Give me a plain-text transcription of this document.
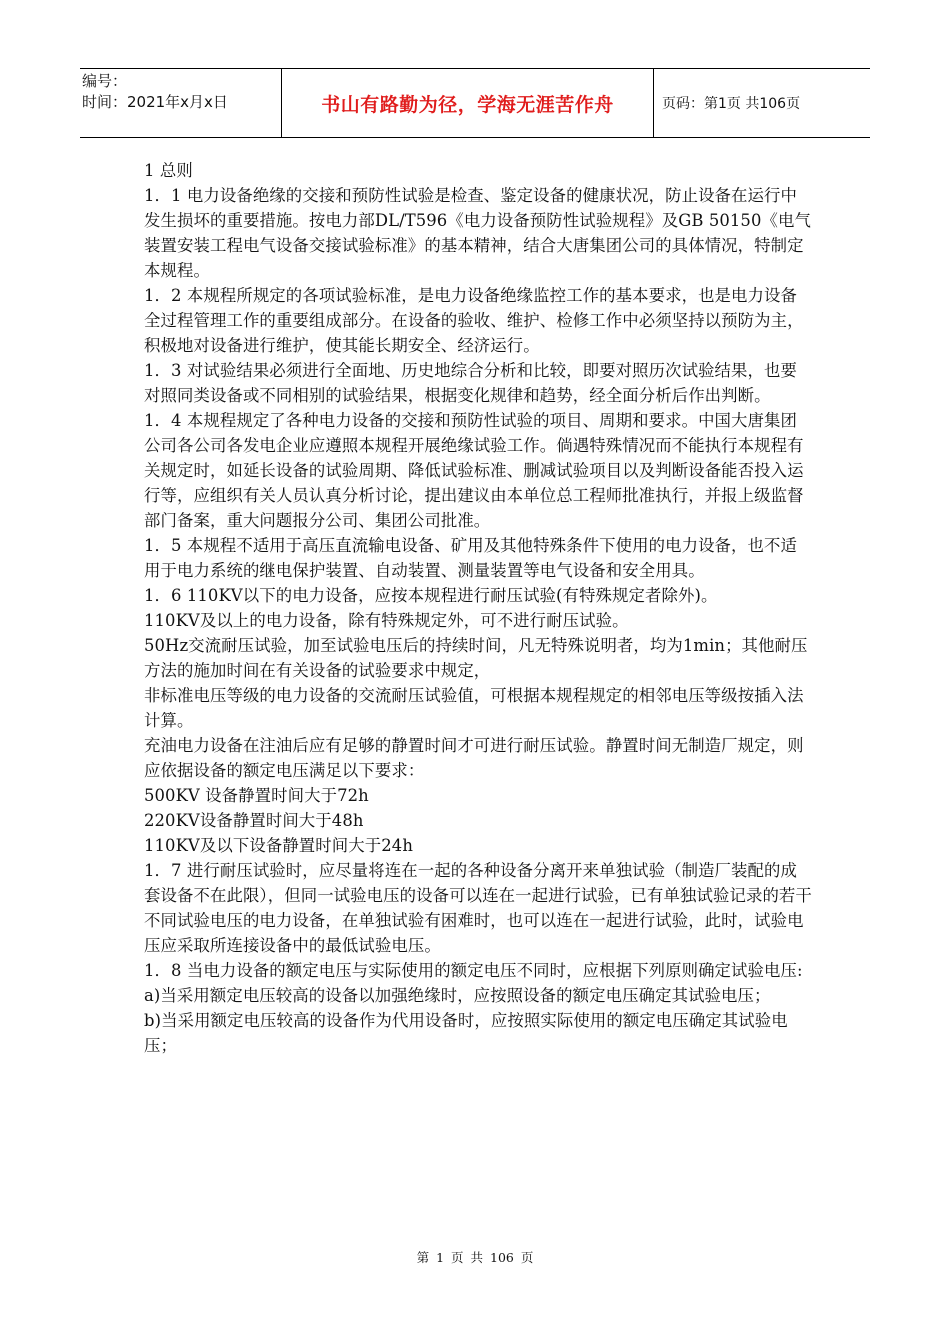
编号：
时间：2021年x月x日	书山有路勤为径，学海无涯苦作舟	页码：第1页 共106页

1 总则

1．1 电力设备绝缘的交接和预防性试验是检查、鉴定设备的健康状况，防止设备在运行中发生损坏的重要措施。按电力部DL/T596《电力设备预防性试验规程》及GB 50150《电气装置安装工程电气设备交接试验标准》的基本精神，结合大唐集团公司的具体情况，特制定本规程。

1．2 本规程所规定的各项试验标准，是电力设备绝缘监控工作的基本要求，也是电力设备全过程管理工作的重要组成部分。在设备的验收、维护、检修工作中必须坚持以预防为主，积极地对设备进行维护，使其能长期安全、经济运行。

1．3 对试验结果必须进行全面地、历史地综合分析和比较，即要对照历次试验结果，也要对照同类设备或不同相别的试验结果，根据变化规律和趋势，经全面分析后作出判断。

1．4 本规程规定了各种电力设备的交接和预防性试验的项目、周期和要求。中国大唐集团公司各公司各发电企业应遵照本规程开展绝缘试验工作。倘遇特殊情况而不能执行本规程有关规定时，如延长设备的试验周期、降低试验标准、删减试验项目以及判断设备能否投入运行等，应组织有关人员认真分析讨论，提出建议由本单位总工程师批准执行，并报上级监督部门备案，重大问题报分公司、集团公司批准。

1．5 本规程不适用于高压直流输电设备、矿用及其他特殊条件下使用的电力设备，也不适用于电力系统的继电保护装置、自动装置、测量装置等电气设备和安全用具。

1．6 110KV以下的电力设备，应按本规程进行耐压试验(有特殊规定者除外)。

110KV及以上的电力设备，除有特殊规定外，可不进行耐压试验。

50Hz交流耐压试验，加至试验电压后的持续时间，凡无特殊说明者，均为1min；其他耐压方法的施加时间在有关设备的试验要求中规定，

非标准电压等级的电力设备的交流耐压试验值，可根据本规程规定的相邻电压等级按插入法计算。

充油电力设备在注油后应有足够的静置时间才可进行耐压试验。静置时间无制造厂规定，则应依据设备的额定电压满足以下要求：

500KV 设备静置时间大于72h

220KV设备静置时间大于48h

110KV及以下设备静置时间大于24h

1．7 进行耐压试验时，应尽量将连在一起的各种设备分离开来单独试验（制造厂装配的成套设备不在此限），但同一试验电压的设备可以连在一起进行试验，已有单独试验记录的若干不同试验电压的电力设备，在单独试验有困难时，也可以连在一起进行试验，此时，试验电压应采取所连接设备中的最低试验电压。

1．8 当电力设备的额定电压与实际使用的额定电压不同时，应根据下列原则确定试验电压:

a)当采用额定电压较高的设备以加强绝缘时，应按照设备的额定电压确定其试验电压；

b)当采用额定电压较高的设备作为代用设备时，应按照实际使用的额定电压确定其试验电压；

第 1 页 共 106 页
